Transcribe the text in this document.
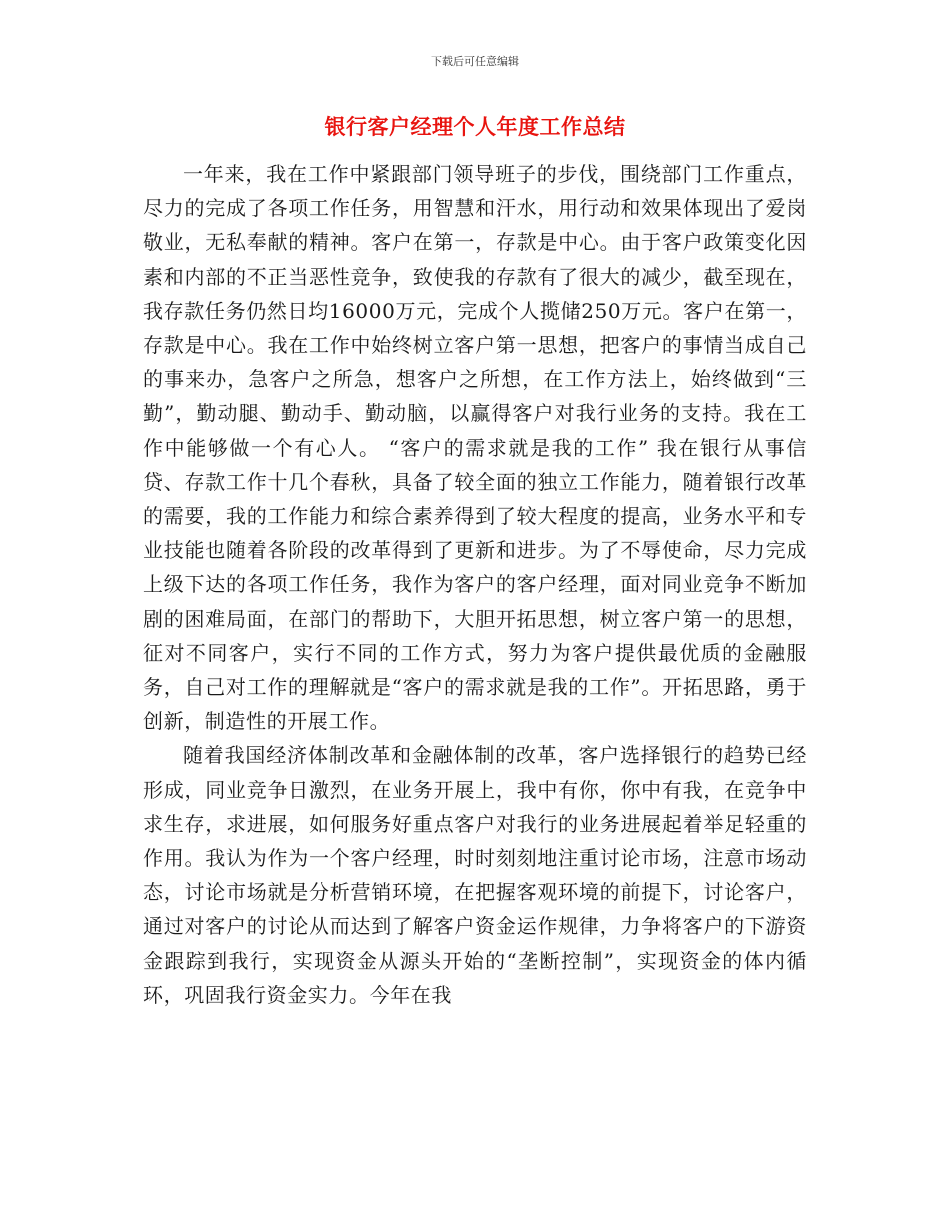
下载后可任意编辑
银行客户经理个人年度工作总结

一年来，我在工作中紧跟部门领导班子的步伐，围绕部门工作重点，尽力的完成了各项工作任务，用智慧和汗水，用行动和效果体现出了爱岗敬业，无私奉献的精神。客户在第一，存款是中心。由于客户政策变化因素和内部的不正当恶性竞争，致使我的存款有了很大的减少，截至现在，我存款任务仍然日均16000万元，完成个人揽储250万元。客户在第一，存款是中心。我在工作中始终树立客户第一思想，把客户的事情当成自己的事来办，急客户之所急，想客户之所想，在工作方法上，始终做到“三勤”，勤动腿、勤动手、勤动脑，以赢得客户对我行业务的支持。我在工作中能够做一个有心人。 “客户的需求就是我的工作” 我在银行从事信贷、存款工作十几个春秋，具备了较全面的独立工作能力，随着银行改革的需要，我的工作能力和综合素养得到了较大程度的提高，业务水平和专业技能也随着各阶段的改革得到了更新和进步。为了不辱使命，尽力完成上级下达的各项工作任务，我作为客户的客户经理，面对同业竞争不断加剧的困难局面，在部门的帮助下，大胆开拓思想，树立客户第一的思想，征对不同客户，实行不同的工作方式，努力为客户提供最优质的金融服务，自己对工作的理解就是“客户的需求就是我的工作”。开拓思路，勇于创新，制造性的开展工作。

随着我国经济体制改革和金融体制的改革，客户选择银行的趋势已经形成，同业竞争日激烈，在业务开展上，我中有你，你中有我，在竞争中求生存，求进展，如何服务好重点客户对我行的业务进展起着举足轻重的作用。我认为作为一个客户经理，时时刻刻地注重讨论市场，注意市场动态，讨论市场就是分析营销环境，在把握客观环境的前提下，讨论客户，通过对客户的讨论从而达到了解客户资金运作规律，力争将客户的下游资金跟踪到我行，实现资金从源头开始的“垄断控制”，实现资金的体内循环，巩固我行资金实力。今年在我
